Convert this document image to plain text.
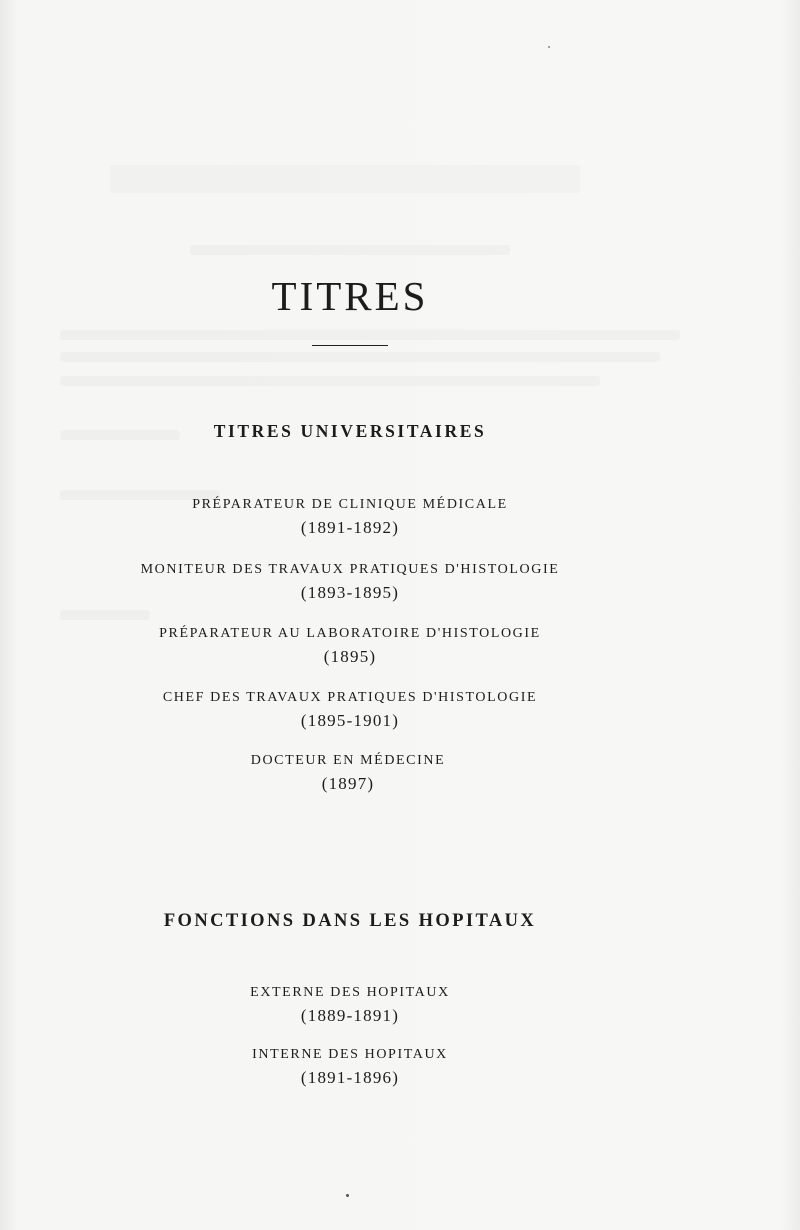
TITRES
TITRES UNIVERSITAIRES

PRÉPARATEUR DE CLINIQUE MÉDICALE

(1891-1892)

MONITEUR DES TRAVAUX PRATIQUES D'HISTOLOGIE

(1893-1895)

PRÉPARATEUR AU LABORATOIRE D'HISTOLOGIE

(1895)

CHEF DES TRAVAUX PRATIQUES D'HISTOLOGIE

(1895-1901)

DOCTEUR EN MÉDECINE

(1897)

FONCTIONS DANS LES HOPITAUX

EXTERNE DES HOPITAUX

(1889-1891)

INTERNE DES HOPITAUX

(1891-1896)
